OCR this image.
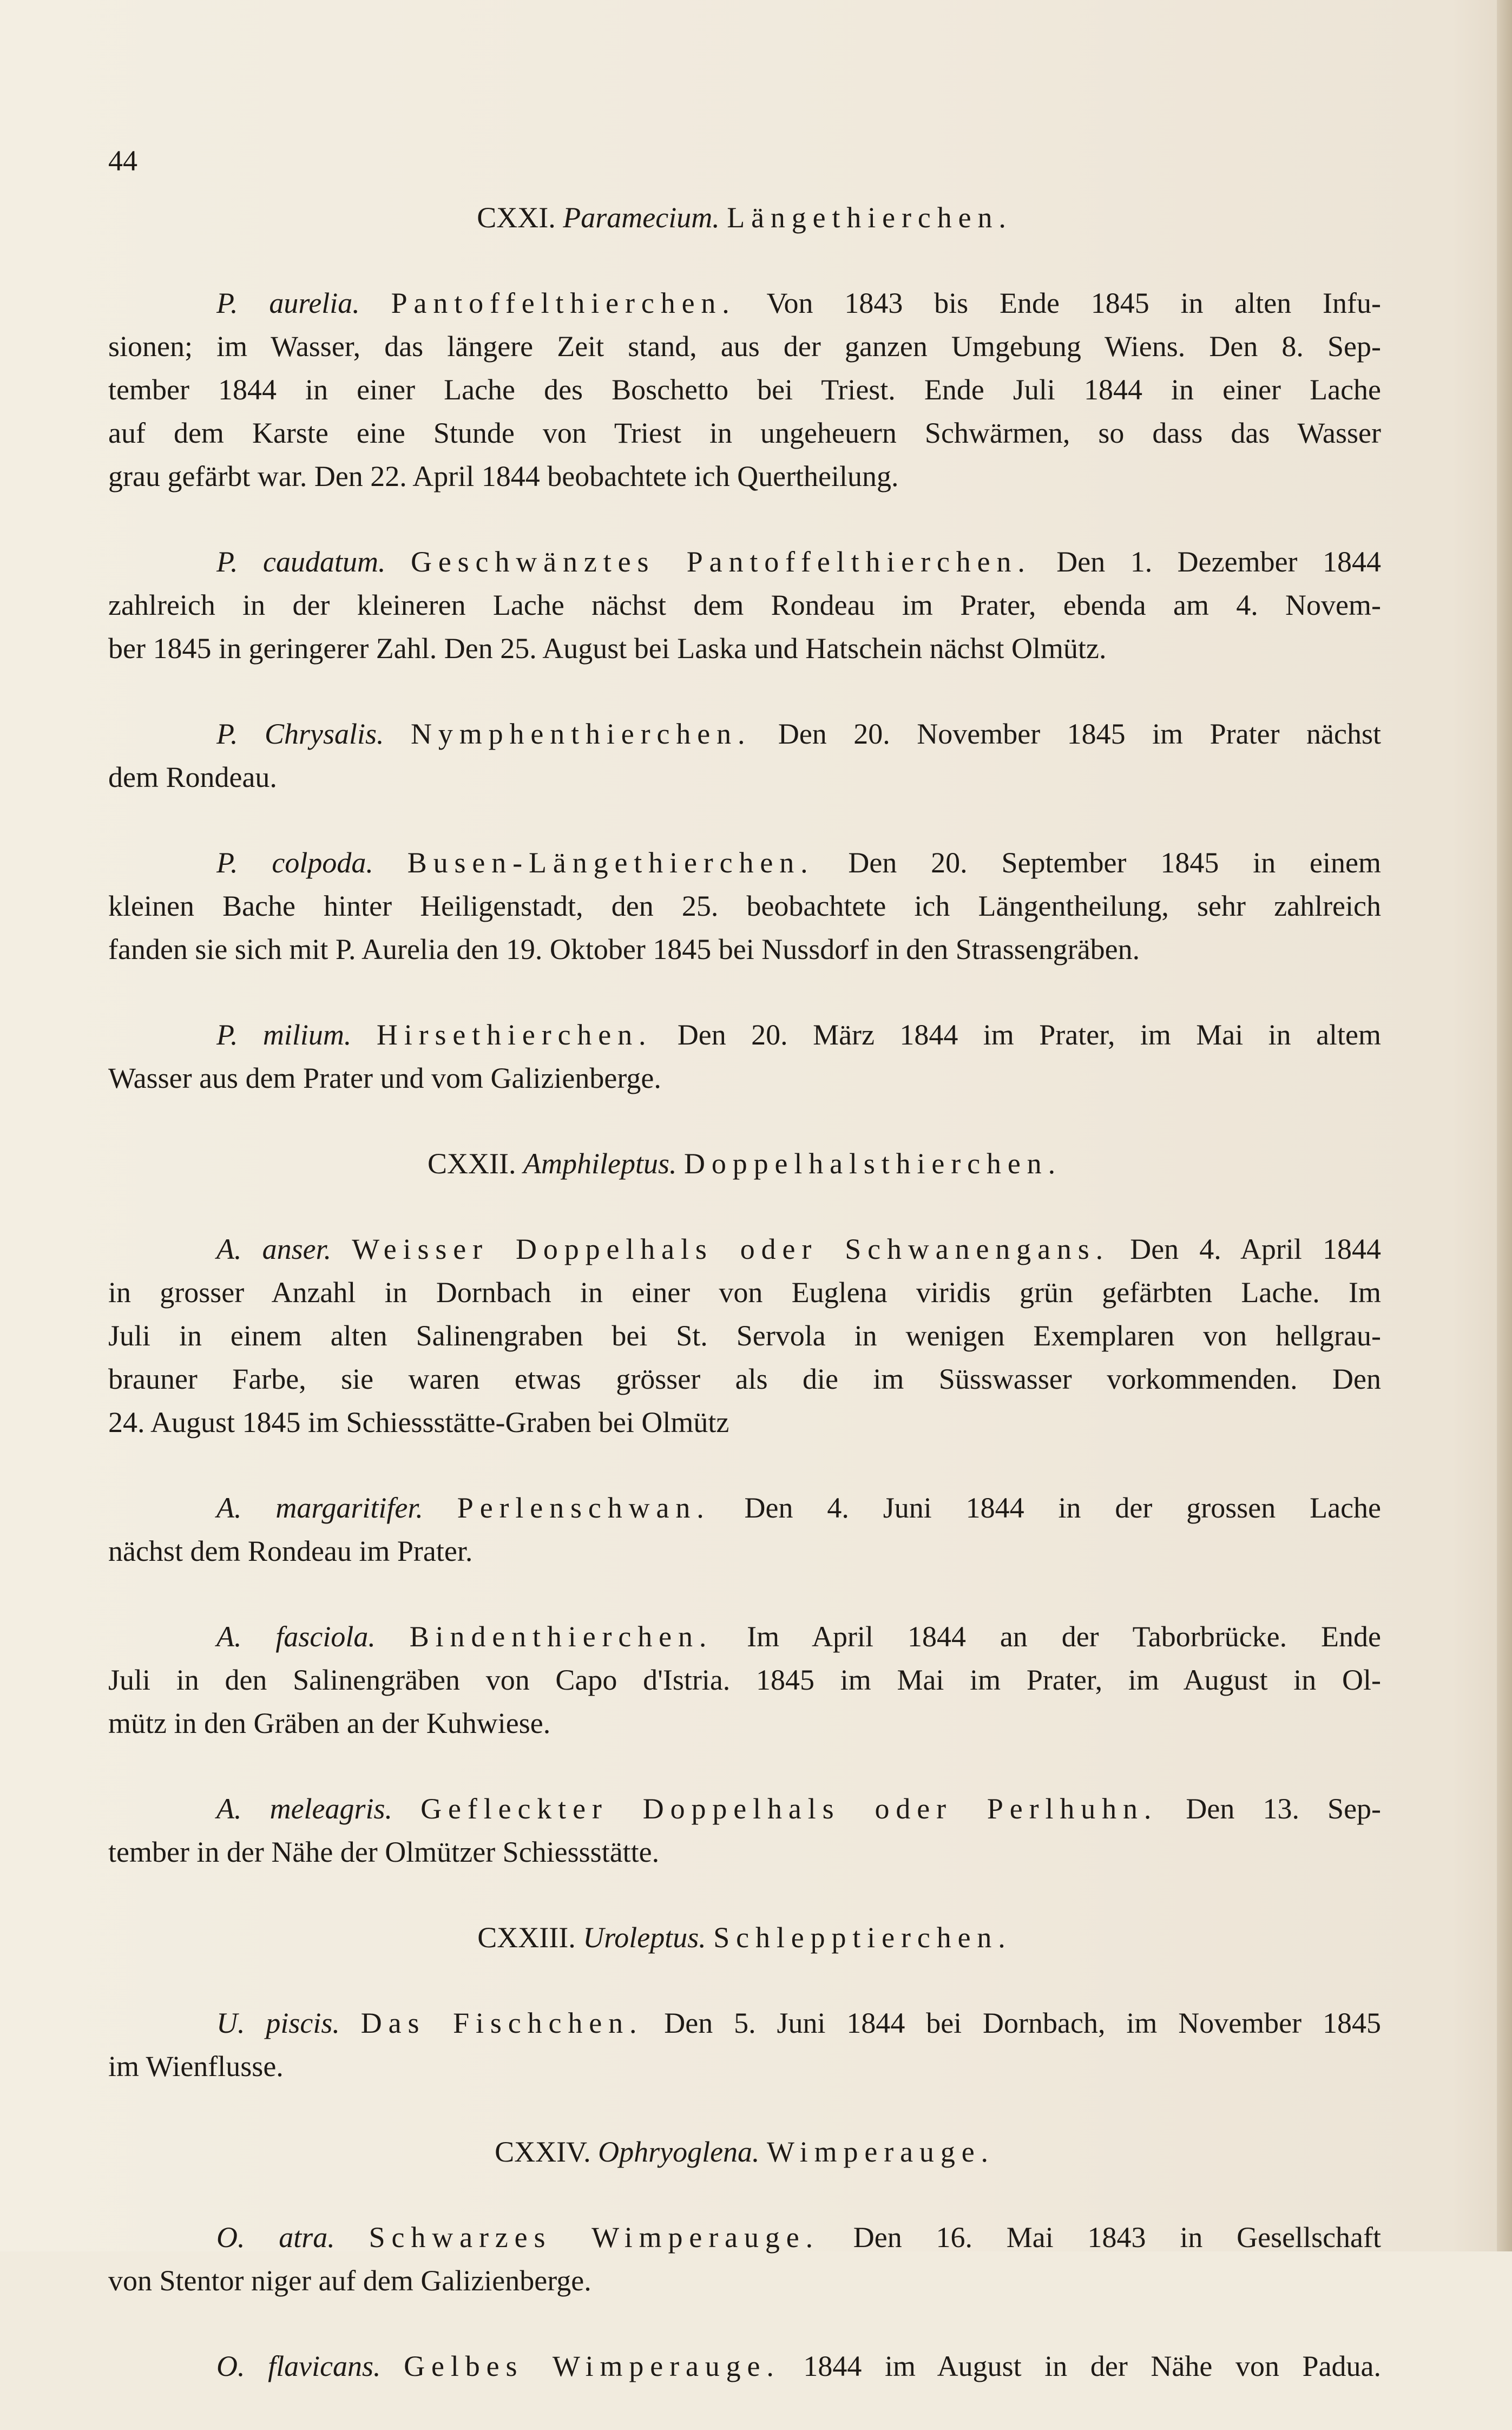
44
CXXI. Paramecium. Längethierchen.
P. aurelia. Pantoffelthierchen. Von 1843 bis Ende 1845 in alten Infu-
sionen; im Wasser, das längere Zeit stand, aus der ganzen Umgebung Wiens. Den 8. Sep-
tember 1844 in einer Lache des Boschetto bei Triest. Ende Juli 1844 in einer Lache
auf dem Karste eine Stunde von Triest in ungeheuern Schwärmen, so dass das Wasser
grau gefärbt war. Den 22. April 1844 beobachtete ich Quertheilung.
P. caudatum. Geschwänztes Pantoffelthierchen. Den 1. Dezember 1844
zahlreich in der kleineren Lache nächst dem Rondeau im Prater, ebenda am 4. Novem-
ber 1845 in geringerer Zahl. Den 25. August bei Laska und Hatschein nächst Olmütz.
P. Chrysalis. Nymphenthierchen. Den 20. November 1845 im Prater nächst
dem Rondeau.
P. colpoda. Busen-Längethierchen. Den 20. September 1845 in einem
kleinen Bache hinter Heiligenstadt, den 25. beobachtete ich Längentheilung, sehr zahlreich
fanden sie sich mit P. Aurelia den 19. Oktober 1845 bei Nussdorf in den Strassengräben.
P. milium. Hirsethierchen. Den 20. März 1844 im Prater, im Mai in altem
Wasser aus dem Prater und vom Galizienberge.
CXXII. Amphileptus. Doppelhalsthierchen.
A. anser. Weisser Doppelhals oder Schwanengans. Den 4. April 1844
in grosser Anzahl in Dornbach in einer von Euglena viridis grün gefärbten Lache. Im
Juli in einem alten Salinengraben bei St. Servola in wenigen Exemplaren von hellgrau-
brauner Farbe, sie waren etwas grösser als die im Süsswasser vorkommenden. Den
24. August 1845 im Schiessstätte-Graben bei Olmütz
A. margaritifer. Perlenschwan. Den 4. Juni 1844 in der grossen Lache
nächst dem Rondeau im Prater.
A. fasciola. Bindenthierchen. Im April 1844 an der Taborbrücke. Ende
Juli in den Salinengräben von Capo d'Istria. 1845 im Mai im Prater, im August in Ol-
mütz in den Gräben an der Kuhwiese.
A. meleagris. Gefleckter Doppelhals oder Perlhuhn. Den 13. Sep-
tember in der Nähe der Olmützer Schiessstätte.
CXXIII. Uroleptus. Schlepptierchen.
U. piscis. Das Fischchen. Den 5. Juni 1844 bei Dornbach, im November 1845
im Wienflusse.
CXXIV. Ophryoglena. Wimperauge.
O. atra. Schwarzes Wimperauge. Den 16. Mai 1843 in Gesellschaft
von Stentor niger auf dem Galizienberge.
O. flavicans. Gelbes Wimperauge. 1844 im August in der Nähe von Padua.
